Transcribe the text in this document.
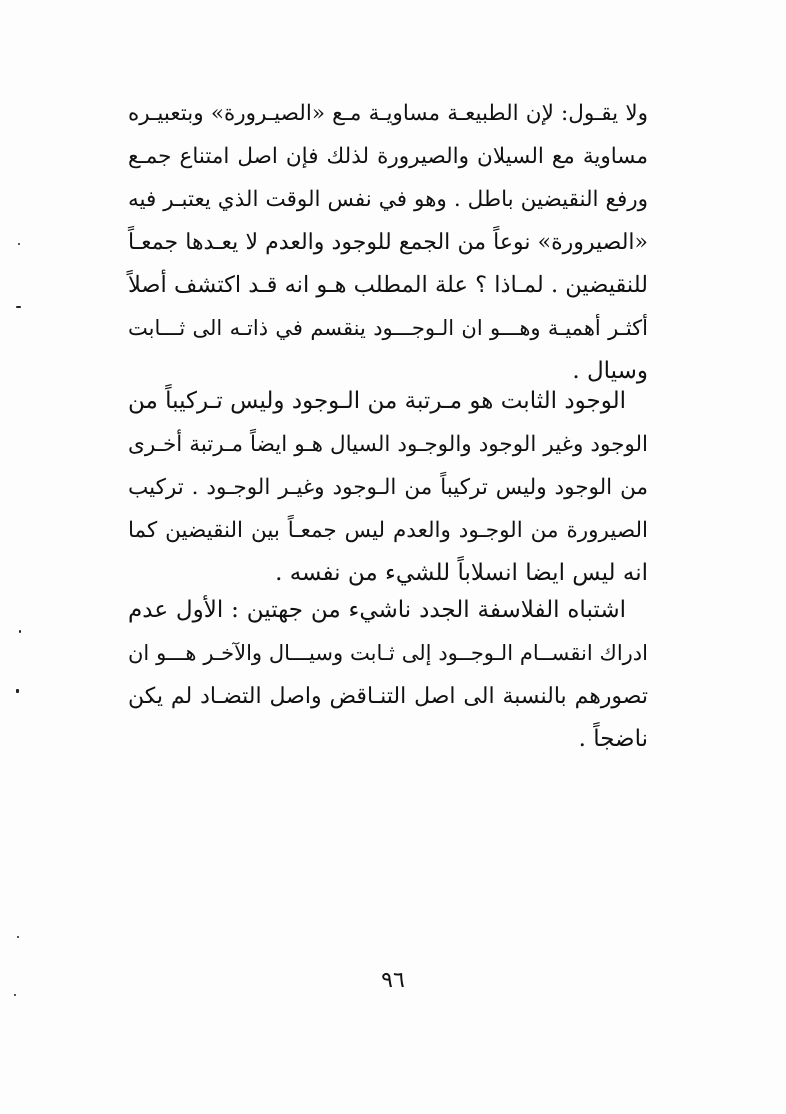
ولا يقـول: لإن الطبيعـة مساويـة مـع «الصيـرورة» وبتعبيـره
مساوية مع السيلان والصيرورة لذلك فإن اصل امتناع جمـع
ورفع النقيضين باطل . وهو في نفس الوقت الذي يعتبـر فيه
«الصيرورة» نوعاً من الجمع للوجود والعدم لا يعـدها جمعـاً
للنقيضين . لمـاذا ؟ علة المطلب هـو انه قـد اكتشف أصلاً
أكثـر أهميـة وهـــو ان الـوجـــود ينقسم في ذاتـه الى ثـــابت
وسيال .
الوجود الثابت هو مـرتبة من الـوجود وليس تـركيباً من
الوجود وغير الوجود والوجـود السيال هـو ايضاً مـرتبة أخـرى
من الوجود وليس تركيباً من الـوجود وغيـر الوجـود . تركيب
الصيرورة من الوجـود والعدم ليس جمعـاً بين النقيضين كما
انه ليس ايضا انسلاباً للشيء من نفسه .
اشتباه الفلاسفة الجدد ناشيء من جهتين : الأول عدم
ادراك انقســام الـوجــود إلى ثـابت وسيـــال والآخـر هـــو ان
تصورهم بالنسبة الى اصل التنـاقض واصل التضـاد لم يكن
ناضجاً .
٩٦
